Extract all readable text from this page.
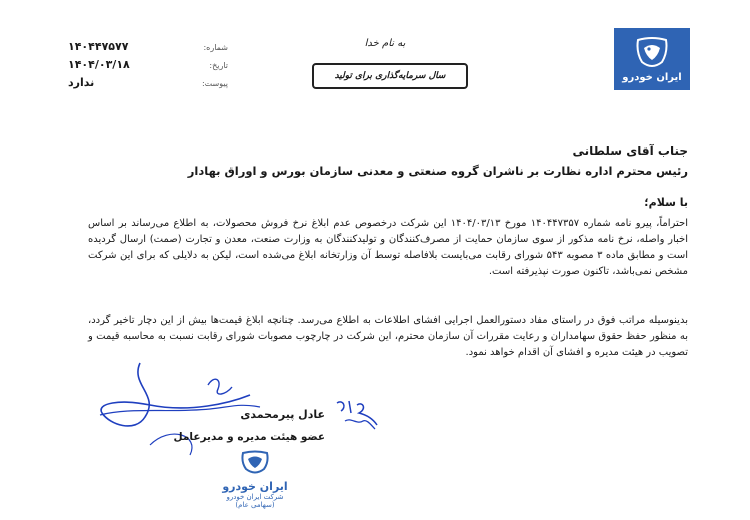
شماره:
۱۴۰۴۴۷۵۷۷
تاریخ:
۱۴۰۴/۰۳/۱۸
پیوست:
ندارد
به نام خدا
سال سرمایه‌گذاری برای تولید	ایران خودرو
جناب آقای سلطانی
رئیس محترم اداره نظارت بر ناشران گروه صنعتی و معدنی سازمان بورس و اوراق بهادار
با سلام؛
احتراماً، پیرو نامه شماره ۱۴۰۴۴۷۳۵۷ مورخ ۱۴۰۴/۰۳/۱۳ این شرکت درخصوص عدم ابلاغ نرخ فروش محصولات، به اطلاع می‌رساند بر اساس اخبار واصله، نرخ نامه مذکور از سوی سازمان حمایت از مصرف‌کنندگان و تولیدکنندگان به وزارت صنعت، معدن و تجارت (صمت) ارسال گردیده است و مطابق ماده ۳ مصوبه ۵۴۳ شورای رقابت می‌بایست بلافاصله توسط آن وزارتخانه ابلاغ می‌شده است، لیکن به دلایلی که برای این شرکت مشخص نمی‌باشد، تاکنون صورت نپذیرفته است.
بدینوسیله مراتب فوق در راستای مفاد دستورالعمل اجرایی افشای اطلاعات به اطلاع می‌رسد. چنانچه ابلاغ قیمت‌ها بیش از این دچار تاخیر گردد، به منظور حفظ حقوق سهامداران و رعایت مقررات آن سازمان محترم، این شرکت در چارچوب مصوبات شورای رقابت نسبت به محاسبه قیمت و تصویب در هیئت مدیره و افشای آن اقدام خواهد نمود.
عادل پیرمحمدی
عضو هیئت مدیره و مدیرعامل
ایران خودرو
شرکت ایران خودرو
(سهامی عام)
